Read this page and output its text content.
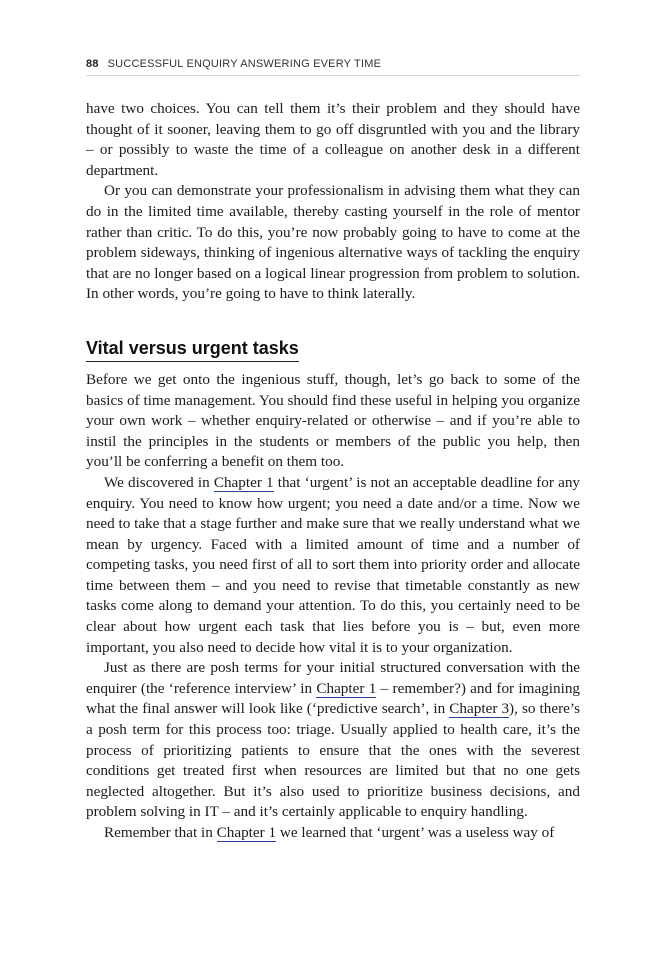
88 SUCCESSFUL ENQUIRY ANSWERING EVERY TIME

have two choices. You can tell them it’s their problem and they should have thought of it sooner, leaving them to go off disgruntled with you and the library – or possibly to waste the time of a colleague on another desk in a different department.

Or you can demonstrate your professionalism in advising them what they can do in the limited time available, thereby casting yourself in the role of mentor rather than critic. To do this, you’re now probably going to have to come at the problem sideways, thinking of ingenious alternative ways of tackling the enquiry that are no longer based on a logical linear progression from problem to solution. In other words, you’re going to have to think laterally.

Vital versus urgent tasks

Before we get onto the ingenious stuff, though, let’s go back to some of the basics of time management. You should find these useful in helping you organize your own work – whether enquiry-related or otherwise – and if you’re able to instil the principles in the students or members of the public you help, then you’ll be conferring a benefit on them too.

We discovered in Chapter 1 that ‘urgent’ is not an acceptable deadline for any enquiry. You need to know how urgent; you need a date and/or a time. Now we need to take that a stage further and make sure that we really understand what we mean by urgency. Faced with a limited amount of time and a number of competing tasks, you need first of all to sort them into priority order and allocate time between them – and you need to revise that timetable constantly as new tasks come along to demand your attention. To do this, you certainly need to be clear about how urgent each task that lies before you is – but, even more important, you also need to decide how vital it is to your organization.

Just as there are posh terms for your initial structured conversation with the enquirer (the ‘reference interview’ in Chapter 1 – remember?) and for imagining what the final answer will look like (‘predictive search’, in Chapter 3), so there’s a posh term for this process too: triage. Usually applied to health care, it’s the process of prioritizing patients to ensure that the ones with the severest conditions get treated first when resources are limited but that no one gets neglected altogether. But it’s also used to prioritize business decisions, and problem solving in IT – and it’s certainly applicable to enquiry handling.

Remember that in Chapter 1 we learned that ‘urgent’ was a useless way of
